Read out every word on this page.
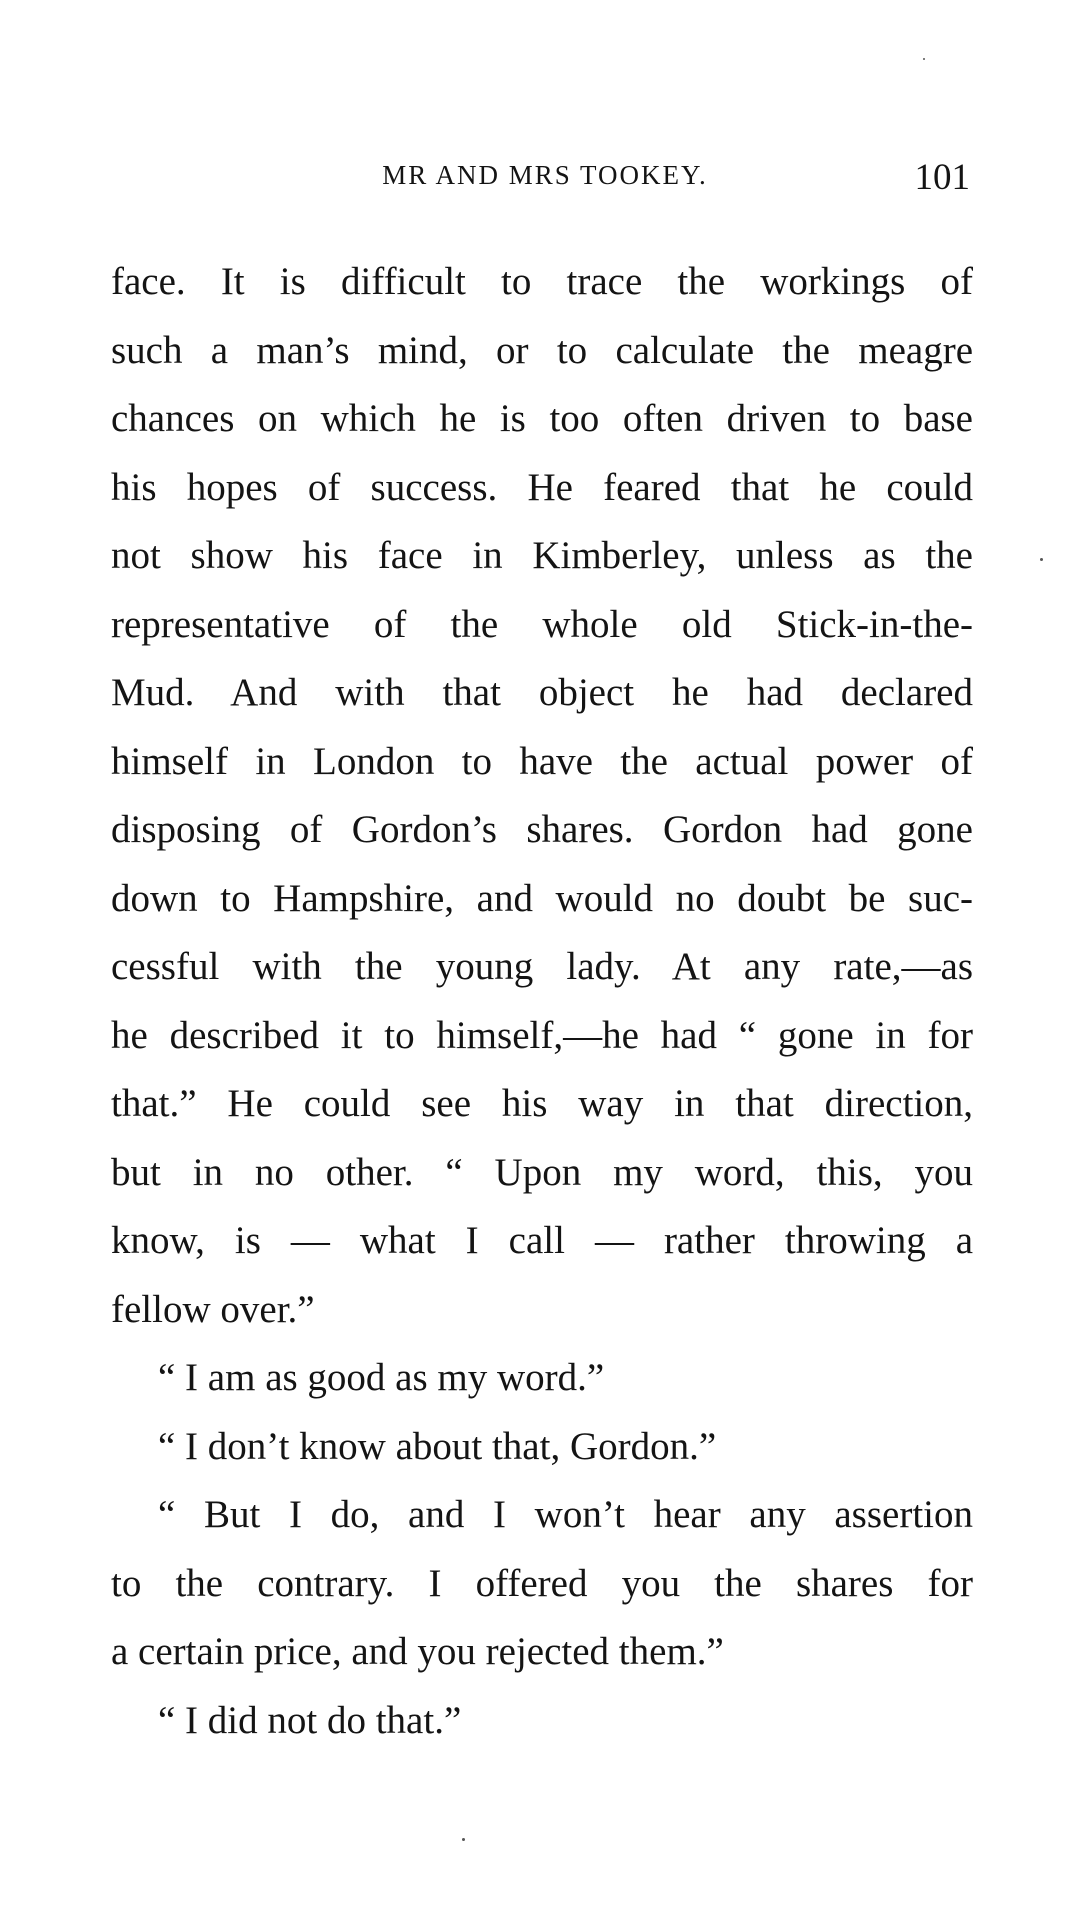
MR AND MRS TOOKEY.	101
face. It is difficult to trace the workings of
such a man’s mind, or to calculate the meagre
chances on which he is too often driven to base
his hopes of success. He feared that he could
not show his face in Kimberley, unless as the
representative of the whole old Stick-in-the-
Mud. And with that object he had declared
himself in London to have the actual power of
disposing of Gordon’s shares. Gordon had gone
down to Hampshire, and would no doubt be suc-
cessful with the young lady. At any rate,—as
he described it to himself,—he had “ gone in for
that.” He could see his way in that direction,
but in no other. “ Upon my word, this, you
know, is — what I call — rather throwing a
fellow over.”
“ I am as good as my word.”
“ I don’t know about that, Gordon.”
“ But I do, and I won’t hear any assertion
to the contrary. I offered you the shares for
a certain price, and you rejected them.”
“ I did not do that.”
